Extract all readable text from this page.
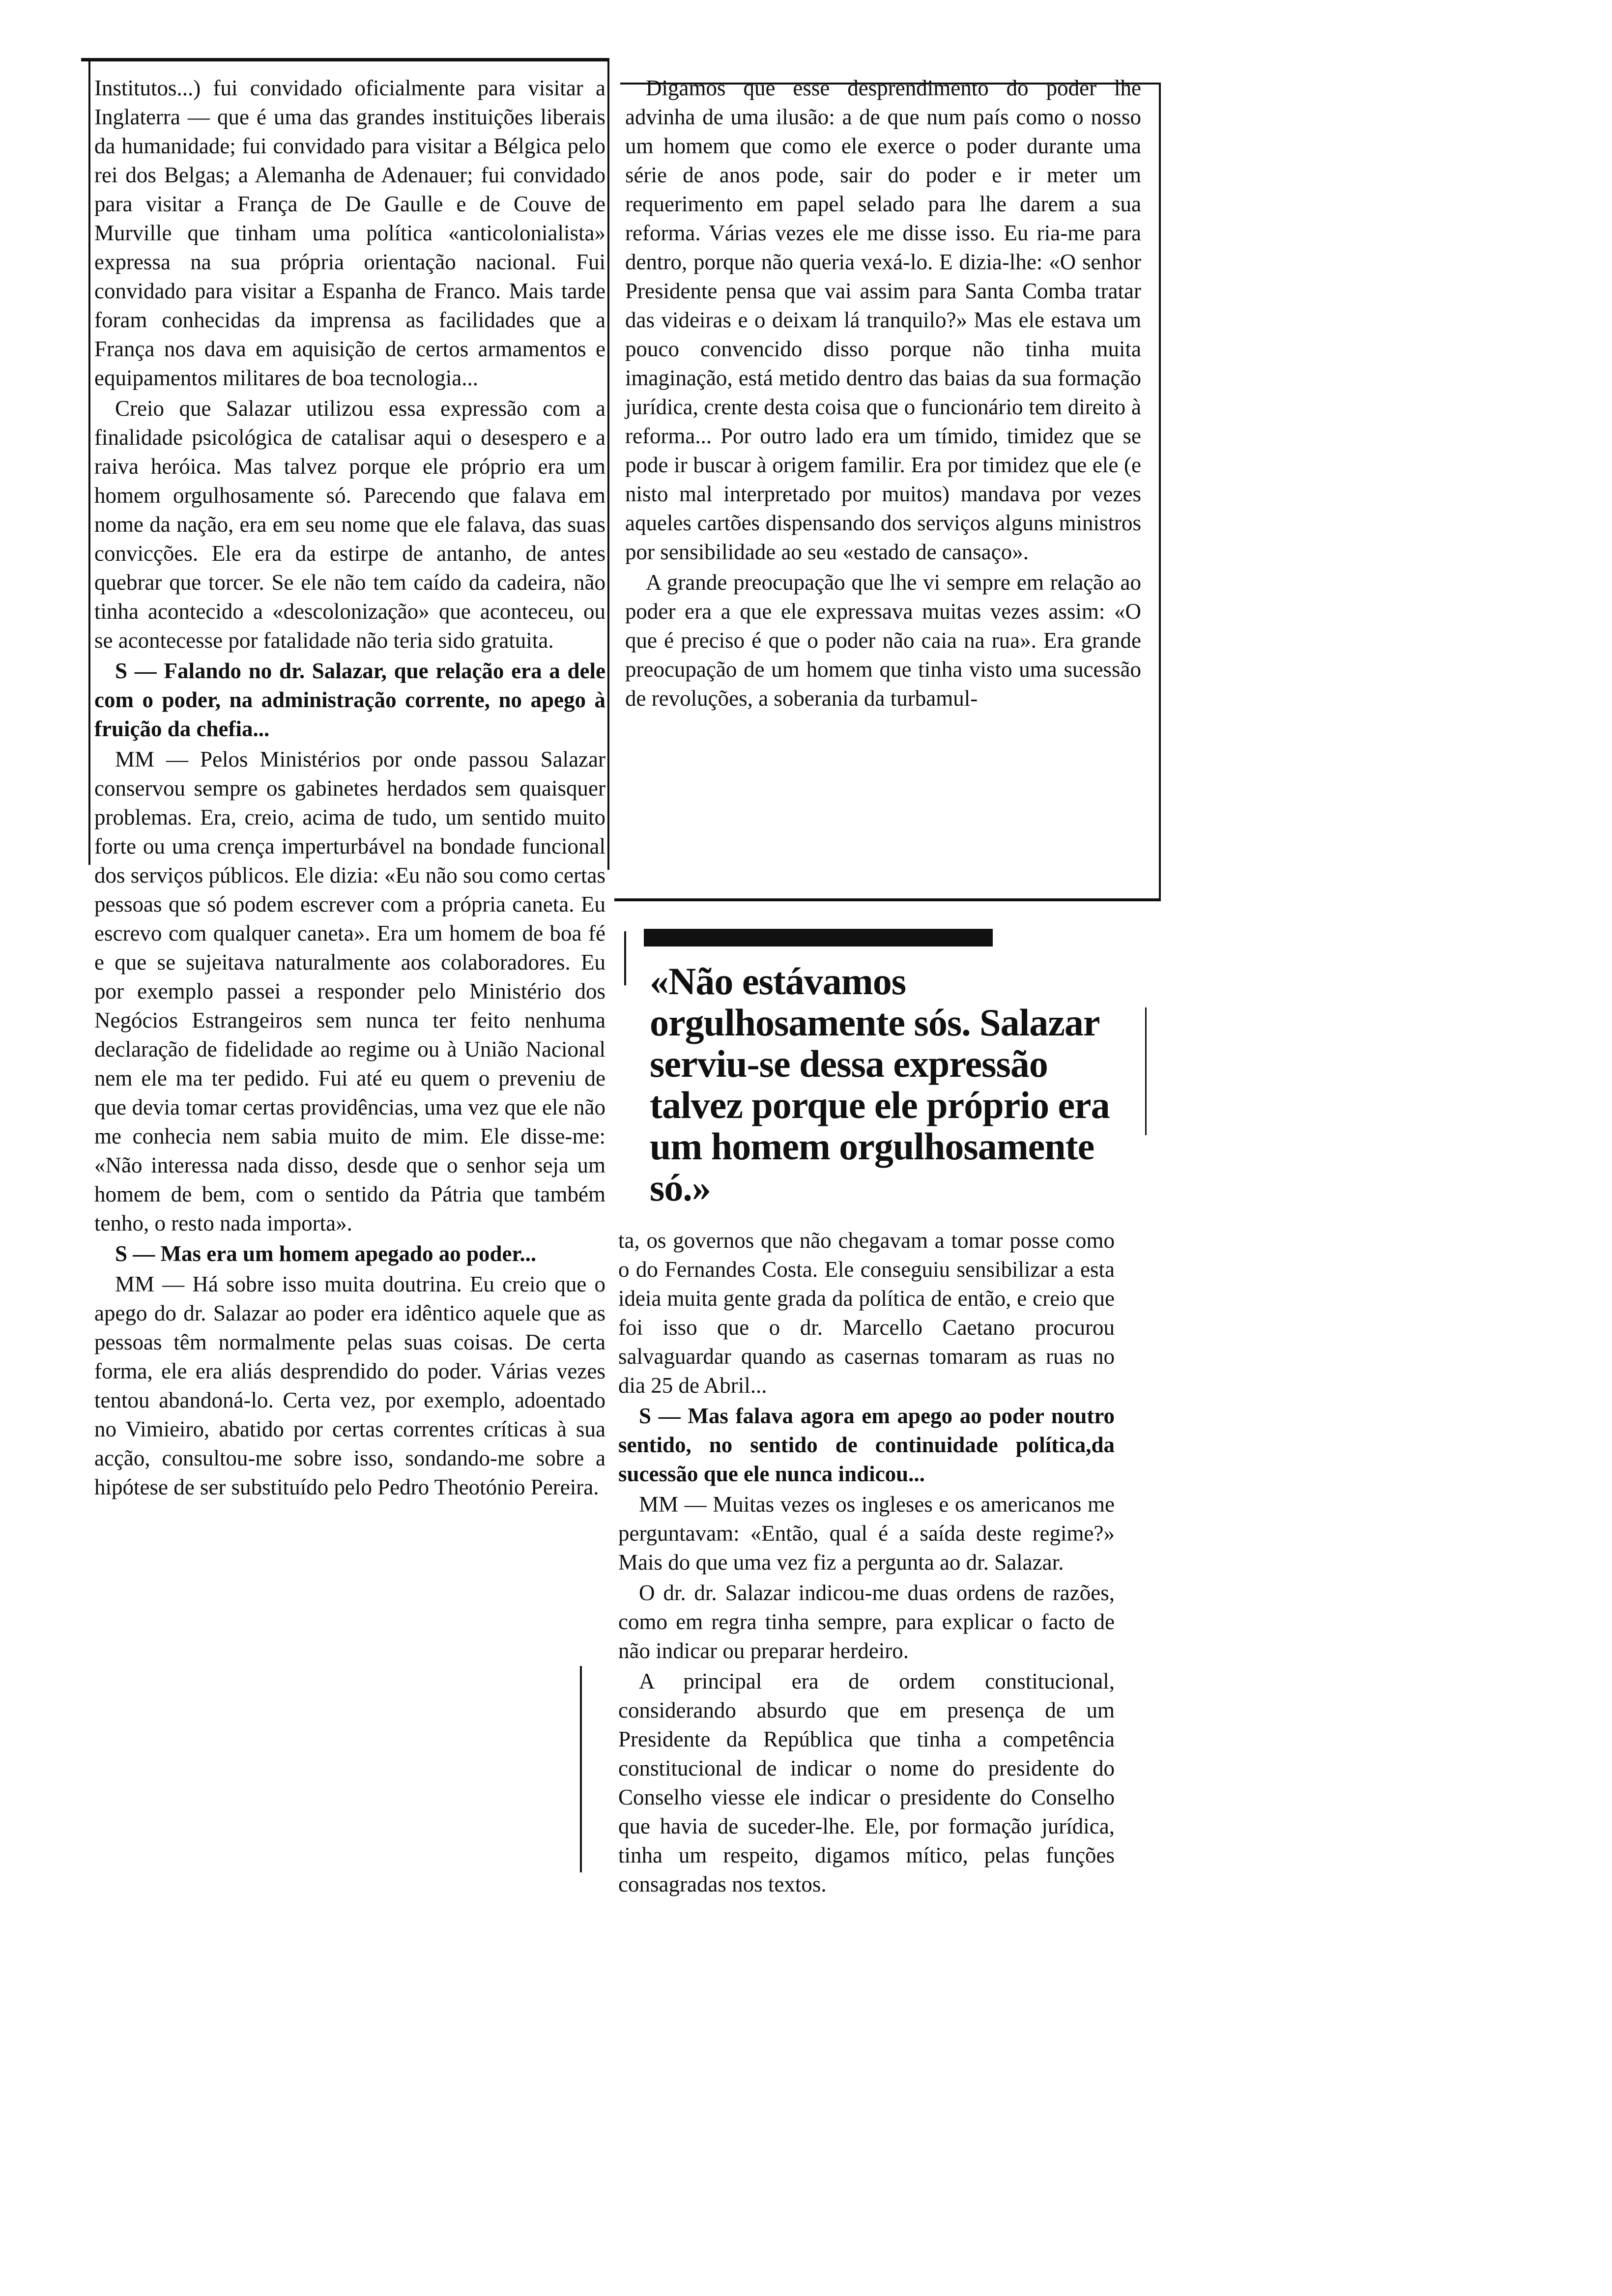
Institutos...) fui convidado oficialmente para visitar a Inglaterra — que é uma das grandes instituições liberais da humanidade; fui convidado para visitar a Bélgica pelo rei dos Belgas; a Alemanha de Adenauer; fui convidado para visitar a França de De Gaulle e de Couve de Murville que tinham uma política «anticolonialista» expressa na sua própria orientação nacional. Fui convidado para visitar a Espanha de Franco. Mais tarde foram conhecidas da imprensa as facilidades que a França nos dava em aquisição de certos armamentos e equipamentos militares de boa tecnologia...

Creio que Salazar utilizou essa expressão com a finalidade psicológica de catalisar aqui o desespero e a raiva heróica. Mas talvez porque ele próprio era um homem orgulhosamente só. Parecendo que falava em nome da nação, era em seu nome que ele falava, das suas convicções. Ele era da estirpe de antanho, de antes quebrar que torcer. Se ele não tem caído da cadeira, não tinha acontecido a «descolonização» que aconteceu, ou se acontecesse por fatalidade não teria sido gratuita.

S — Falando no dr. Salazar, que relação era a dele com o poder, na administração corrente, no apego à fruição da chefia...

MM — Pelos Ministérios por onde passou Salazar conservou sempre os gabinetes herdados sem quaisquer problemas. Era, creio, acima de tudo, um sentido muito forte ou uma crença imperturbável na bondade funcional dos serviços públicos. Ele dizia: «Eu não sou como certas pessoas que só podem escrever com a própria caneta. Eu escrevo com qualquer caneta». Era um homem de boa fé e que se sujeitava naturalmente aos colaboradores. Eu por exemplo passei a responder pelo Ministério dos Negócios Estrangeiros sem nunca ter feito nenhuma declaração de fidelidade ao regime ou à União Nacional nem ele ma ter pedido. Fui até eu quem o preveniu de que devia tomar certas providências, uma vez que ele não me conhecia nem sabia muito de mim. Ele disse-me: «Não interessa nada disso, desde que o senhor seja um homem de bem, com o sentido da Pátria que também tenho, o resto nada importa».

S — Mas era um homem apegado ao poder...

MM — Há sobre isso muita doutrina. Eu creio que o apego do dr. Salazar ao poder era idêntico aquele que as pessoas têm normalmente pelas suas coisas. De certa forma, ele era aliás desprendido do poder. Várias vezes tentou abandoná-lo. Certa vez, por exemplo, adoentado no Vimieiro, abatido por certas correntes críticas à sua acção, consultou-me sobre isso, sondando-me sobre a hipótese de ser substituído pelo Pedro Theotónio Pereira.

Digamos que esse desprendimento do poder lhe advinha de uma ilusão: a de que num país como o nosso um homem que como ele exerce o poder durante uma série de anos pode, sair do poder e ir meter um requerimento em papel selado para lhe darem a sua reforma. Várias vezes ele me disse isso. Eu ria-me para dentro, porque não queria vexá-lo. E dizia-lhe: «O senhor Presidente pensa que vai assim para Santa Comba tratar das videiras e o deixam lá tranquilo?» Mas ele estava um pouco convencido disso porque não tinha muita imaginação, está metido dentro das baias da sua formação jurídica, crente desta coisa que o funcionário tem direito à reforma... Por outro lado era um tímido, timidez que se pode ir buscar à origem familir. Era por timidez que ele (e nisto mal interpretado por muitos) mandava por vezes aqueles cartões dispensando dos serviços alguns ministros por sensibilidade ao seu «estado de cansaço».

A grande preocupação que lhe vi sempre em relação ao poder era a que ele expressava muitas vezes assim: «O que é preciso é que o poder não caia na rua». Era grande preocupação de um homem que tinha visto uma sucessão de revoluções, a soberania da turbamul-

«Não estávamos orgulhosamente sós. Salazar serviu-se dessa expressão talvez porque ele próprio era um homem orgulhosamente só.»

ta, os governos que não chegavam a tomar posse como o do Fernandes Costa. Ele conseguiu sensibilizar a esta ideia muita gente grada da política de então, e creio que foi isso que o dr. Marcello Caetano procurou salvaguardar quando as casernas tomaram as ruas no dia 25 de Abril...

S — Mas falava agora em apego ao poder noutro sentido, no sentido de continuidade política,da sucessão que ele nunca indicou...

MM — Muitas vezes os ingleses e os americanos me perguntavam: «Então, qual é a saída deste regime?» Mais do que uma vez fiz a pergunta ao dr. Salazar.

O dr. dr. Salazar indicou-me duas ordens de razões, como em regra tinha sempre, para explicar o facto de não indicar ou preparar herdeiro.

A principal era de ordem constitucional, considerando absurdo que em presença de um Presidente da República que tinha a competência constitucional de indicar o nome do presidente do Conselho viesse ele indicar o presidente do Conselho que havia de suceder-lhe. Ele, por formação jurídica, tinha um respeito, digamos mítico, pelas funções consagradas nos textos.
